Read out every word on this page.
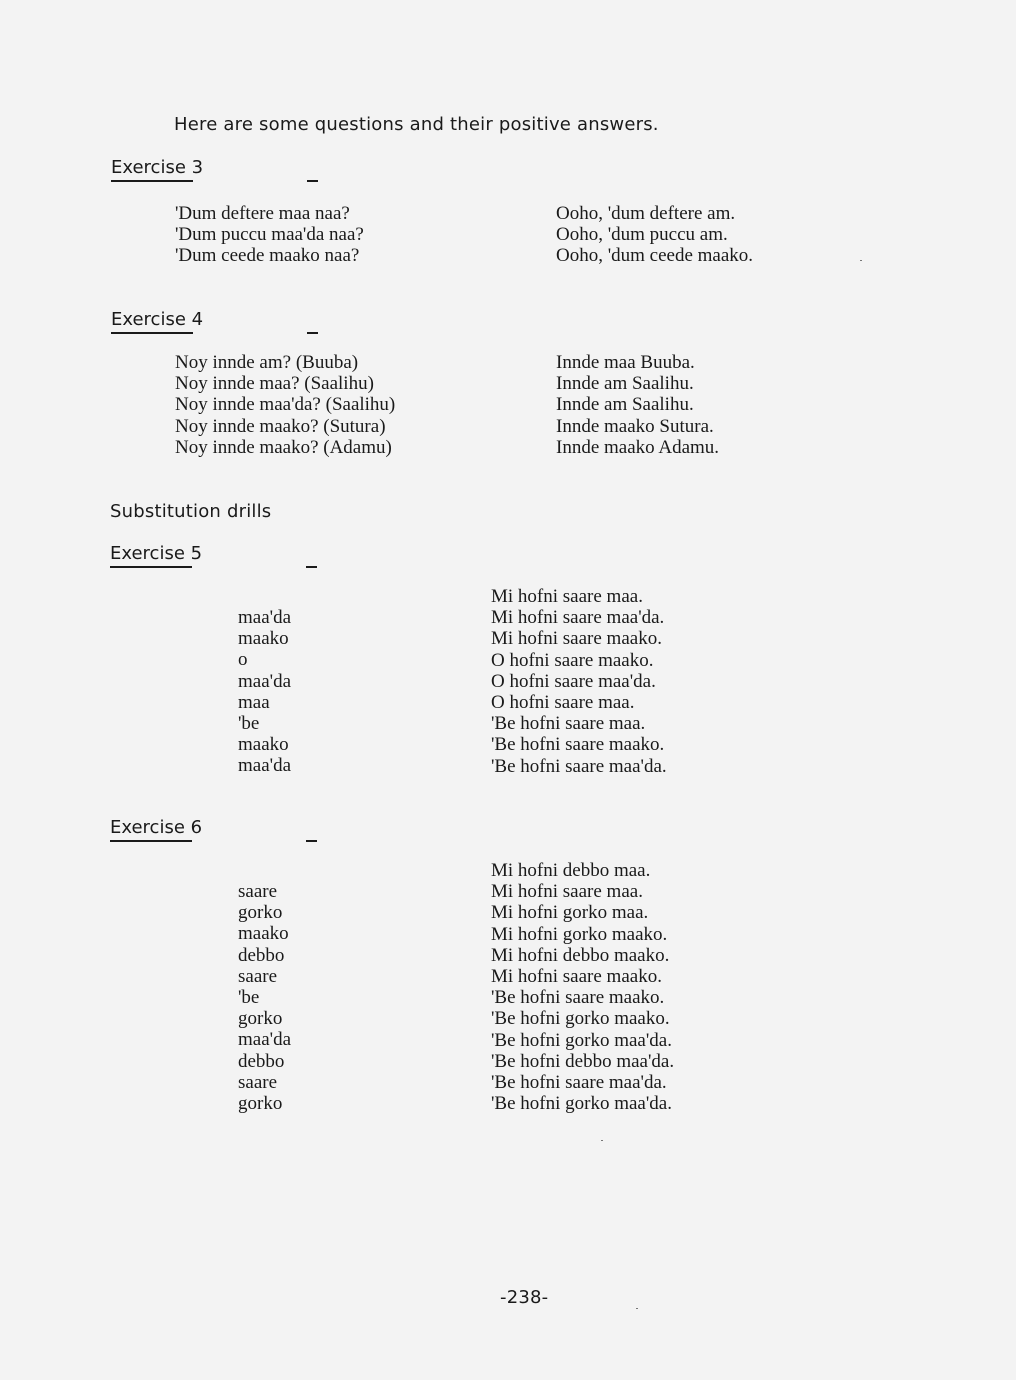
Here are some questions and their positive answers.
Exercise 3
'Dum deftere maa naa?
'Dum puccu maa'da naa?
'Dum ceede maako naa?
Ooho, 'dum deftere am.
Ooho, 'dum puccu am.
Ooho, 'dum ceede maako.
Exercise 4
Noy innde am? (Buuba)
Noy innde maa? (Saalihu)
Noy innde maa'da? (Saalihu)
Noy innde maako? (Sutura)
Noy innde maako? (Adamu)
Innde maa Buuba.
Innde am Saalihu.
Innde am Saalihu.
Innde maako Sutura.
Innde maako Adamu.
Substitution drills
Exercise 5
maa'da
maako
o
maa'da
maa
'be
maako
maa'da
Mi hofni saare maa.
Mi hofni saare maa'da.
Mi hofni saare maako.
O hofni saare maako.
O hofni saare maa'da.
O hofni saare maa.
'Be hofni saare maa.
'Be hofni saare maako.
'Be hofni saare maa'da.
Exercise 6
saare
gorko
maako
debbo
saare
'be
gorko
maa'da
debbo
saare
gorko
Mi hofni debbo maa.
Mi hofni saare maa.
Mi hofni gorko maa.
Mi hofni gorko maako.
Mi hofni debbo maako.
Mi hofni saare maako.
'Be hofni saare maako.
'Be hofni gorko maako.
'Be hofni gorko maa'da.
'Be hofni debbo maa'da.
'Be hofni saare maa'da.
'Be hofni gorko maa'da.
-238-
